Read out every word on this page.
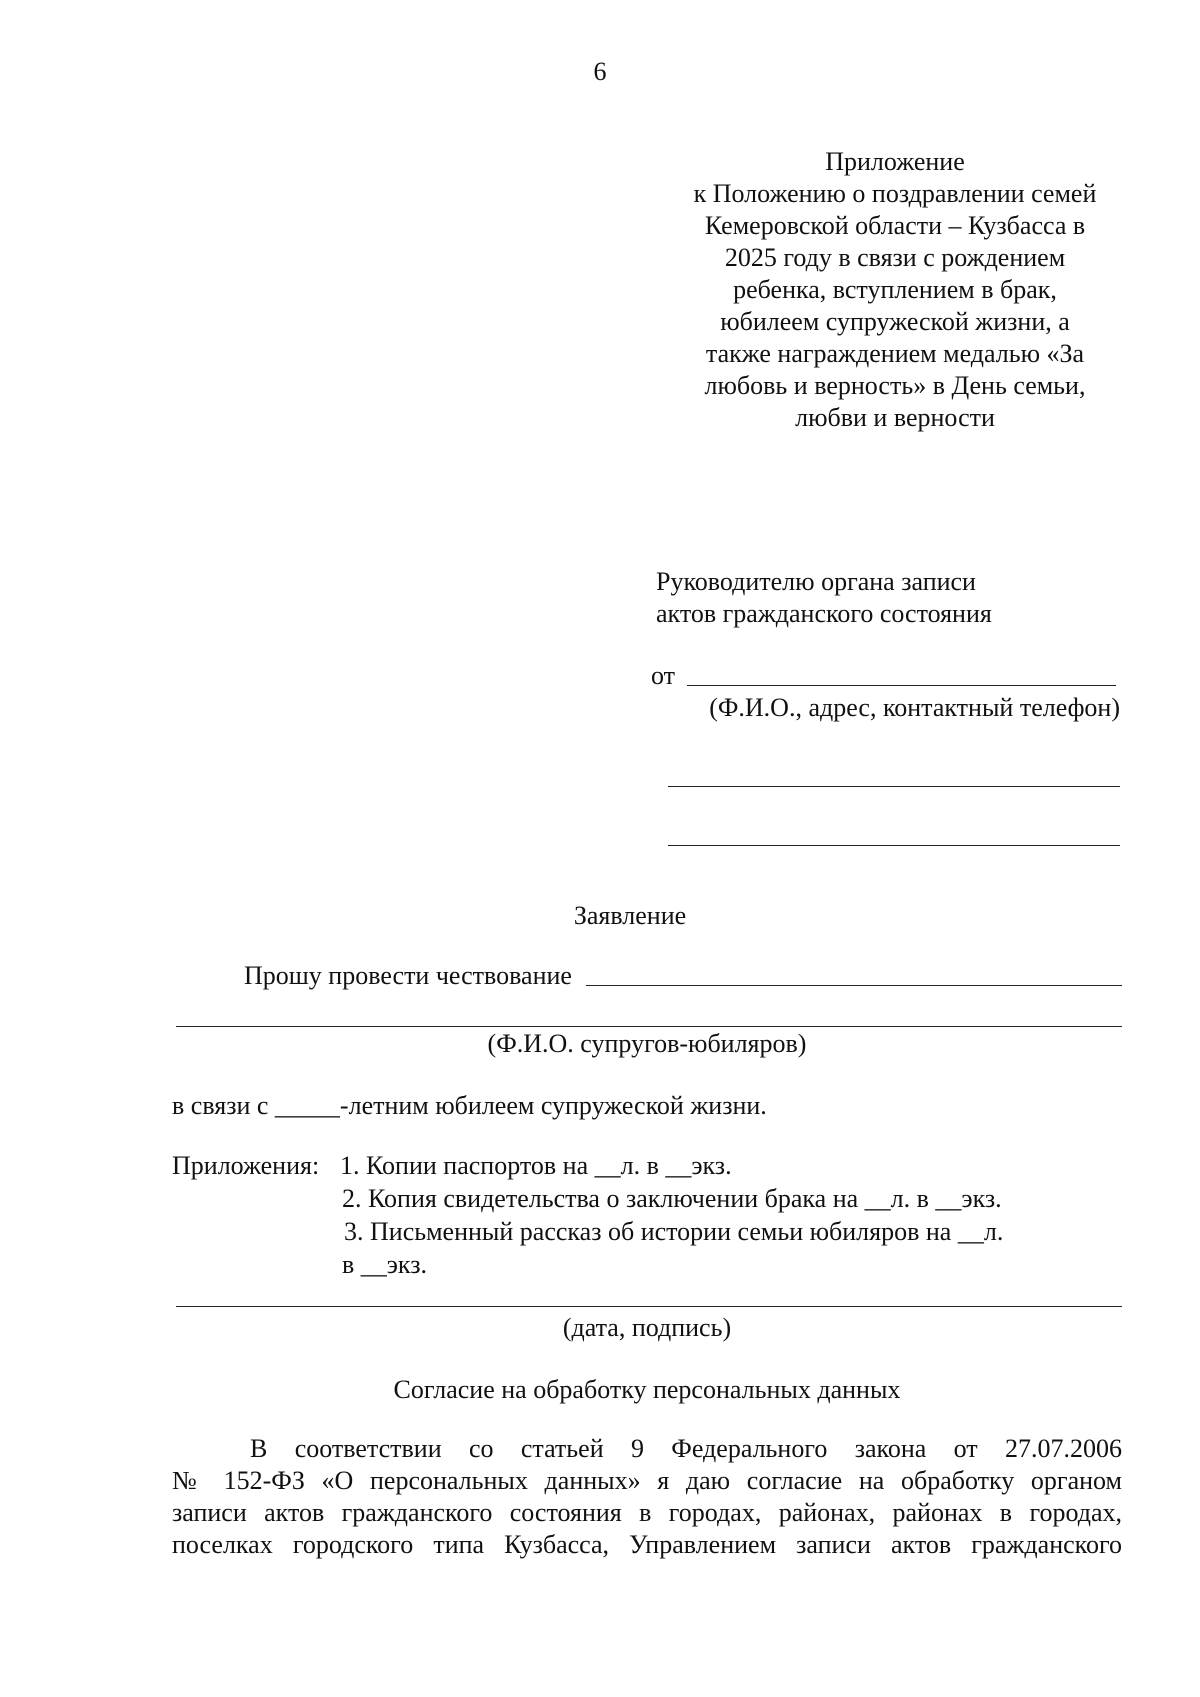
6
Приложение
к Положению о поздравлении семей
Кемеровской области – Кузбасса в
2025 году в связи с рождением
ребенка, вступлением в брак,
юбилеем супружеской жизни, а
также награждением медалью «За
любовь и верность» в День семьи,
любви и верности
Руководителю органа записи
актов гражданского состояния
от
(Ф.И.О., адрес, контактный телефон)
Заявление
Прошу провести чествование
(Ф.И.О. супругов-юбиляров)
в связи с _____-летним юбилеем супружеской жизни.
Приложения: 1. Копии паспортов на __л. в __экз.
2. Копия свидетельства о заключении брака на __л. в __экз.
3. Письменный рассказ об истории семьи юбиляров на __л.
в __экз.
(дата, подпись)
Согласие на обработку персональных данных
В соответствии со статьей 9 Федерального закона от 27.07.2006
№ 152-ФЗ «О персональных данных» я даю согласие на обработку органом
записи актов гражданского состояния в городах, районах, районах в городах,
поселках городского типа Кузбасса, Управлением записи актов гражданского
